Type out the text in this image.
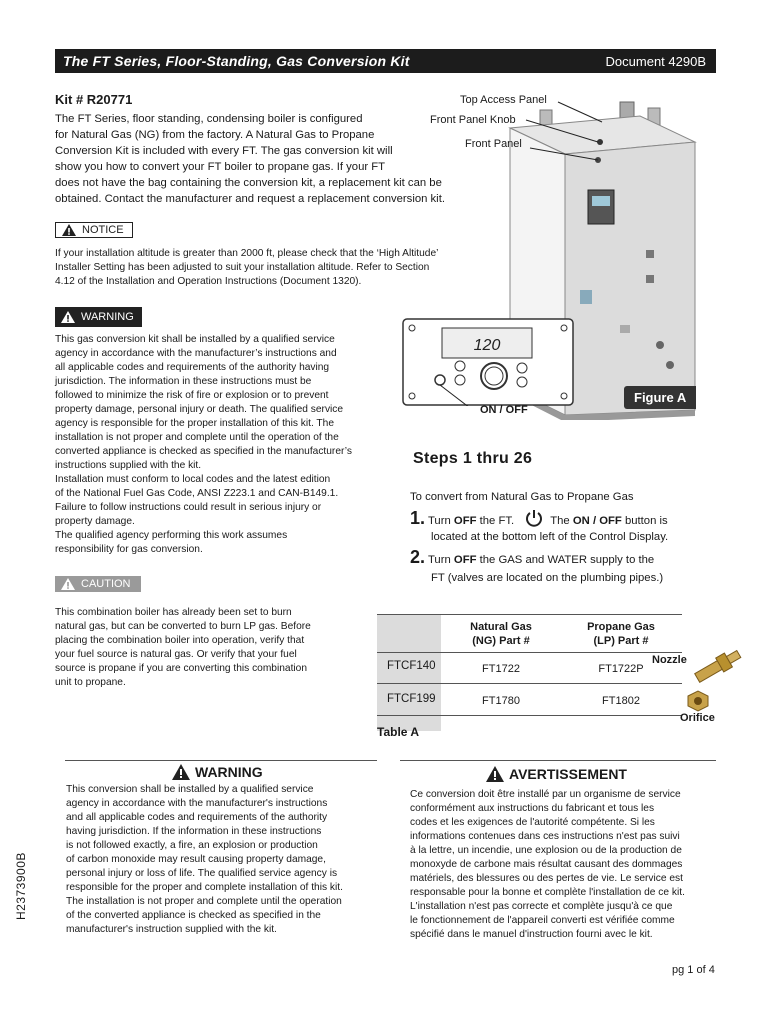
The FT Series, Floor-Standing, Gas Conversion Kit	Document 4290B
Kit # R20771
The FT Series, floor standing, condensing boiler is configured
for Natural Gas (NG) from the factory. A Natural Gas to Propane
Conversion Kit is included with every FT. The gas conversion kit will
show you how to convert your FT boiler to propane gas. If your FT
does not have the bag containing the conversion kit, a replacement kit can be
obtained. Contact the manufacturer and request a replacement conversion kit.
NOTICE
If your installation altitude is greater than 2000 ft, please check that the ‘High Altitude’
Installer Setting has been adjusted to suit your installation altitude. Refer to Section
4.12 of the Installation and Operation Instructions (Document 1320).
WARNING
This gas conversion kit shall be installed by a qualified service
agency in accordance with the manufacturer’s instructions and
all applicable codes and requirements of the authority having
jurisdiction. The information in these instructions must be
followed to minimize the risk of fire or explosion or to prevent
property damage, personal injury or death. The qualified service
agency is responsible for the proper installation of this kit. The
installation is not proper and complete until the operation of the
converted appliance is checked as specified in the manufacturer’s
instructions supplied with the kit.
Installation must conform to local codes and the latest edition
of the National Fuel Gas Code, ANSI Z223.1 and CAN-B149.1.
Failure to follow instructions could result in serious injury or
property damage.
The qualified agency performing this work assumes
responsibility for gas conversion.
CAUTION
This combination boiler has already been set to burn
natural gas, but can be converted to burn LP gas. Before
placing the combination boiler into operation, verify that
your fuel source is natural gas. Or verify that your fuel
source is propane if you are converting this combination
unit to propane.
Top Access Panel
Front Panel Knob
Front Panel
120
ON / OFF
Figure A
Steps 1 thru 26
To convert from Natural Gas to Propane Gas
1. Turn OFF the FT.	The ON / OFF button is
located at the bottom left of the Control Display.
2. Turn OFF the GAS and WATER supply to the
FT (valves are located on the plumbing pipes.)
Natural Gas
(NG) Part #
Propane Gas
(LP) Part #
FTCF140	FT1722	FT1722P
FTCF199	FT1780	FT1802
Table A
Nozzle
Orifice
WARNING
This conversion shall be installed by a qualified service
agency in accordance with the manufacturer's instructions
and all applicable codes and requirements of the authority
having jurisdiction. If the information in these instructions
is not followed exactly, a fire, an explosion or production
of carbon monoxide may result causing property damage,
personal injury or loss of life. The qualified service agency is
responsible for the proper and complete installation of this kit.
The installation is not proper and complete until the operation
of the converted appliance is checked as specified in the
manufacturer's instruction supplied with the kit.
AVERTISSEMENT
Ce conversion doit être installé par un organisme de service
conformément aux instructions du fabricant et tous les
codes et les exigences de l'autorité compétente. Si les
informations contenues dans ces instructions n'est pas suivi
à la lettre, un incendie, une explosion ou de la production de
monoxyde de carbone mais résultat causant des dommages
matériels, des blessures ou des pertes de vie. Le service est
responsable pour la bonne et complète l'installation de ce kit.
L'installation n'est pas correcte et complète jusqu'à ce que
le fonctionnement de l'appareil converti est vérifiée comme
spécifié dans le manuel d'instruction fourni avec le kit.
H2373900B
pg 1 of 4
